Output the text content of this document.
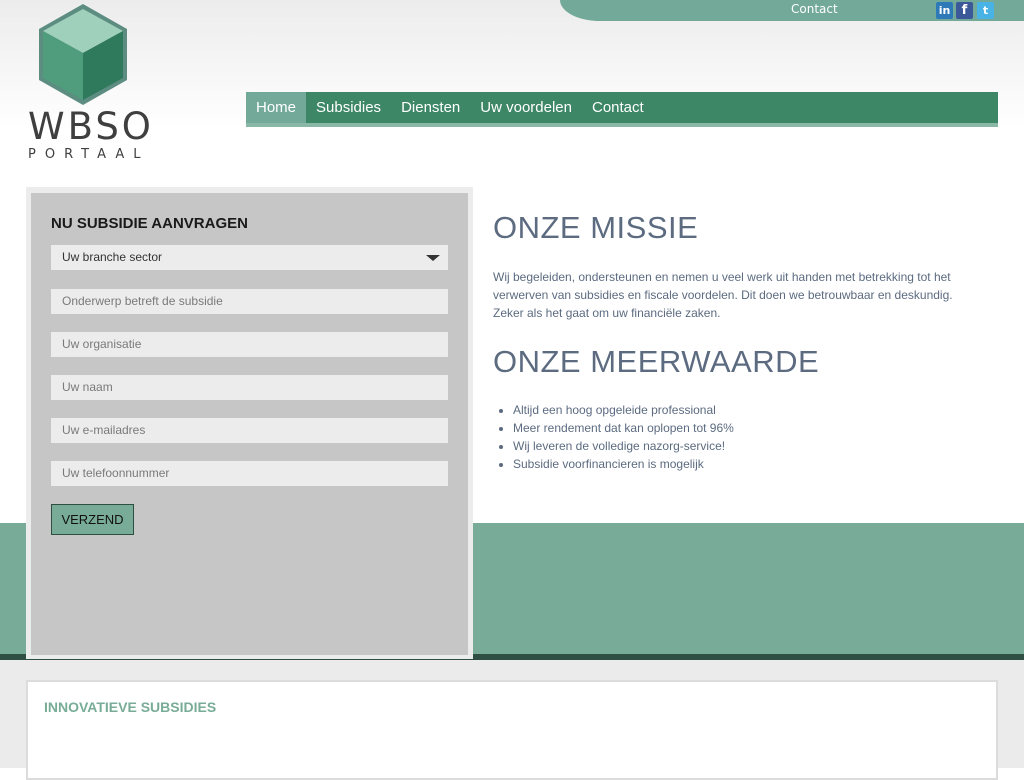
Contact	in f	t
WBSO
PORTAAL
Home	Subsidies	Diensten	Uw voordelen	Contact
NU SUBSIDIE AANVRAGEN
Uw branche sector
Onderwerp betreft de subsidie
Uw organisatie
Uw naam
Uw e-mailadres
Uw telefoonnummer
VERZEND
ONZE MISSIE
Wij begeleiden, ondersteunen en nemen u veel werk uit handen met betrekking tot het
verwerven van subsidies en fiscale voordelen. Dit doen we betrouwbaar en deskundig.
Zeker als het gaat om uw financiële zaken.
ONZE MEERWAARDE
• Altijd een hoog opgeleide professional
• Meer rendement dat kan oplopen tot 96%
• Wij leveren de volledige nazorg-service!
• Subsidie voorfinancieren is mogelijk
INNOVATIEVE SUBSIDIES
